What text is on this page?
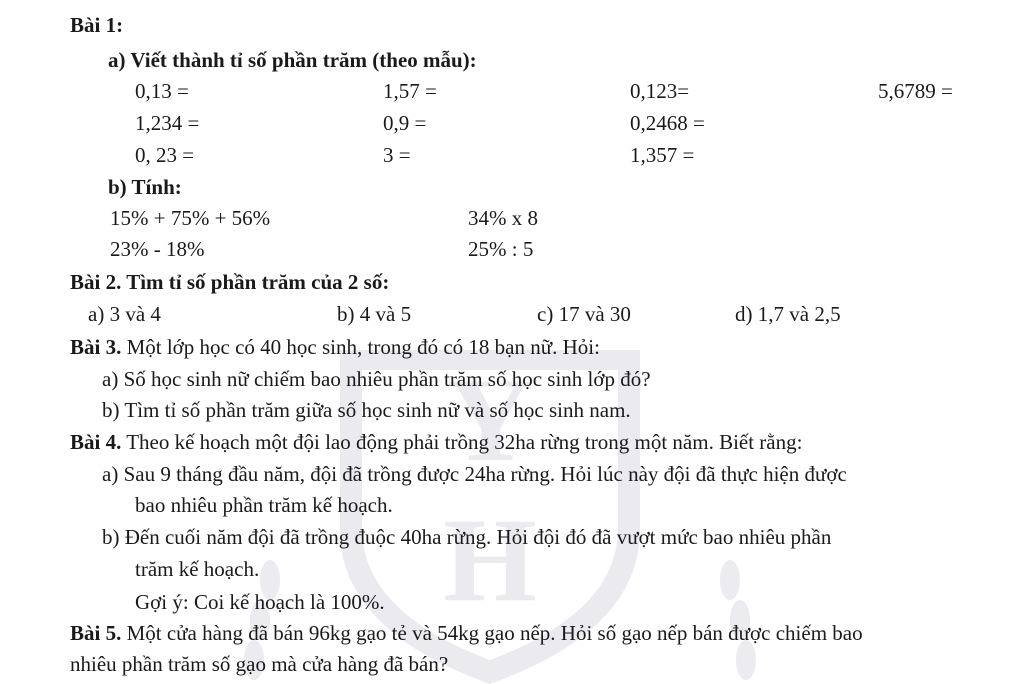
Y
H
Bài 1:
a) Viết thành tỉ số phần trăm (theo mẫu):
0,13 =	1,57 =	0,123=	5,6789 =
1,234 =	0,9 =	0,2468 =
0, 23 =	3 =	1,357 =
b) Tính:
15% + 75% + 56%	34% x 8
23% - 18%	25% : 5
Bài 2. Tìm tỉ số phần trăm của 2 số:
a) 3 và 4	b) 4 và 5	c) 17 và 30	d) 1,7 và 2,5
Bài 3. Một lớp học có 40 học sinh, trong đó có 18 bạn nữ. Hỏi:
a) Số học sinh nữ chiếm bao nhiêu phần trăm số học sinh lớp đó?
b) Tìm tỉ số phần trăm giữa số học sinh nữ và số học sinh nam.
Bài 4. Theo kế hoạch một đội lao động phải trồng 32ha rừng trong một năm. Biết rằng:
a) Sau 9 tháng đầu năm, đội đã trồng được 24ha rừng. Hỏi lúc này đội đã thực hiện được
bao nhiêu phần trăm kế hoạch.
b) Đến cuối năm đội đã trồng đuộc 40ha rừng. Hỏi đội đó đã vượt mức bao nhiêu phần
trăm kế hoạch.
Gợi ý: Coi kế hoạch là 100%.
Bài 5. Một cửa hàng đã bán 96kg gạo tẻ và 54kg gạo nếp. Hỏi số gạo nếp bán được chiếm bao
nhiêu phần trăm số gạo mà cửa hàng đã bán?
